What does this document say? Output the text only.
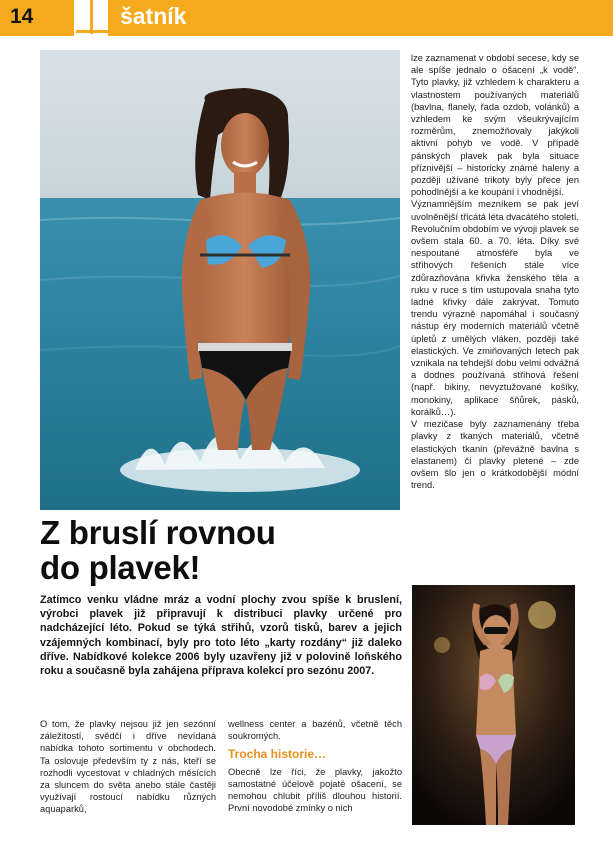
14	šatník

lze zaznamenat v období secese, kdy se ale spíše jednalo o ošacení „k vodě“. Tyto plavky, již vzhledem k charakteru a vlastnostem používaných materiálů (bavlna, flanely, řada ozdob, volánků) a vzhledem ke svým všeukrývajícím rozměrům, znemožňovaly jakýkoli aktivní pohyb ve vodě. V případě pánských plavek pak byla situace příznivější – historicky známé haleny a později užívané trikoty byly přece jen pohodlnější a ke koupání i vhodnější.

Významnějším mezníkem se pak jeví uvolněnější třicátá léta dvacátého století. Revolučním obdobím ve vývoji plavek se ovšem stala 60. a 70. léta. Díky své nespoutané atmosféře byla ve střihových řešeních stále více zdůrazňována křivka ženského těla a ruku v ruce s tím ustupovala snaha tyto ladné křivky dále zakrývat. Tomuto trendu výrazně napomáhal i současný nástup éry moderních materiálů včetně úpletů z umělých vláken, později také elastických. Ve zmiňovaných letech pak vznikala na tehdejší dobu velmi odvážná a dodnes používaná střihová řešení (např. bikiny, nevyztužované košíky, monokiny, aplikace šňůrek, pásků, korálků…).

V mezičase byly zaznamenány třeba plavky z tkaných materiálů, včetně elastických tkanin (převážně bavlna s elastanem) či plavky pletené – zde ovšem šlo jen o krátkodobější módní trend.

Z bruslí rovnou
do plavek!

Zatímco venku vládne mráz a vodní plochy zvou spíše k bruslení, výrobci plavek již připravují k distribuci plavky určené pro nadcházející léto. Pokud se týká střihů, vzorů tisků, barev a jejich vzájemných kombinací, byly pro toto léto „karty rozdány“ již daleko dříve. Nabídkové kolekce 2006 byly uzavřeny již v polovině loňského roku a současně byla zahájena příprava kolekcí pro sezónu 2007.

O tom, že plavky nejsou již jen sezónní záležitostí, svědčí i dříve nevídaná nabídka tohoto sortimentu v obchodech. Ta oslovuje především ty z nás, kteří se rozhodli vycestovat v chladných měsících za sluncem do světa anebo stále častěji využívají rostoucí nabídku různých aquaparků,

wellness center a bazénů, včetně těch soukromých.

Trocha historie…

Obecně lze říci, že plavky, jakožto samostatné účelově pojaté ošacení, se nemohou chlubit příliš dlouhou historií. První novodobé zmínky o nich
